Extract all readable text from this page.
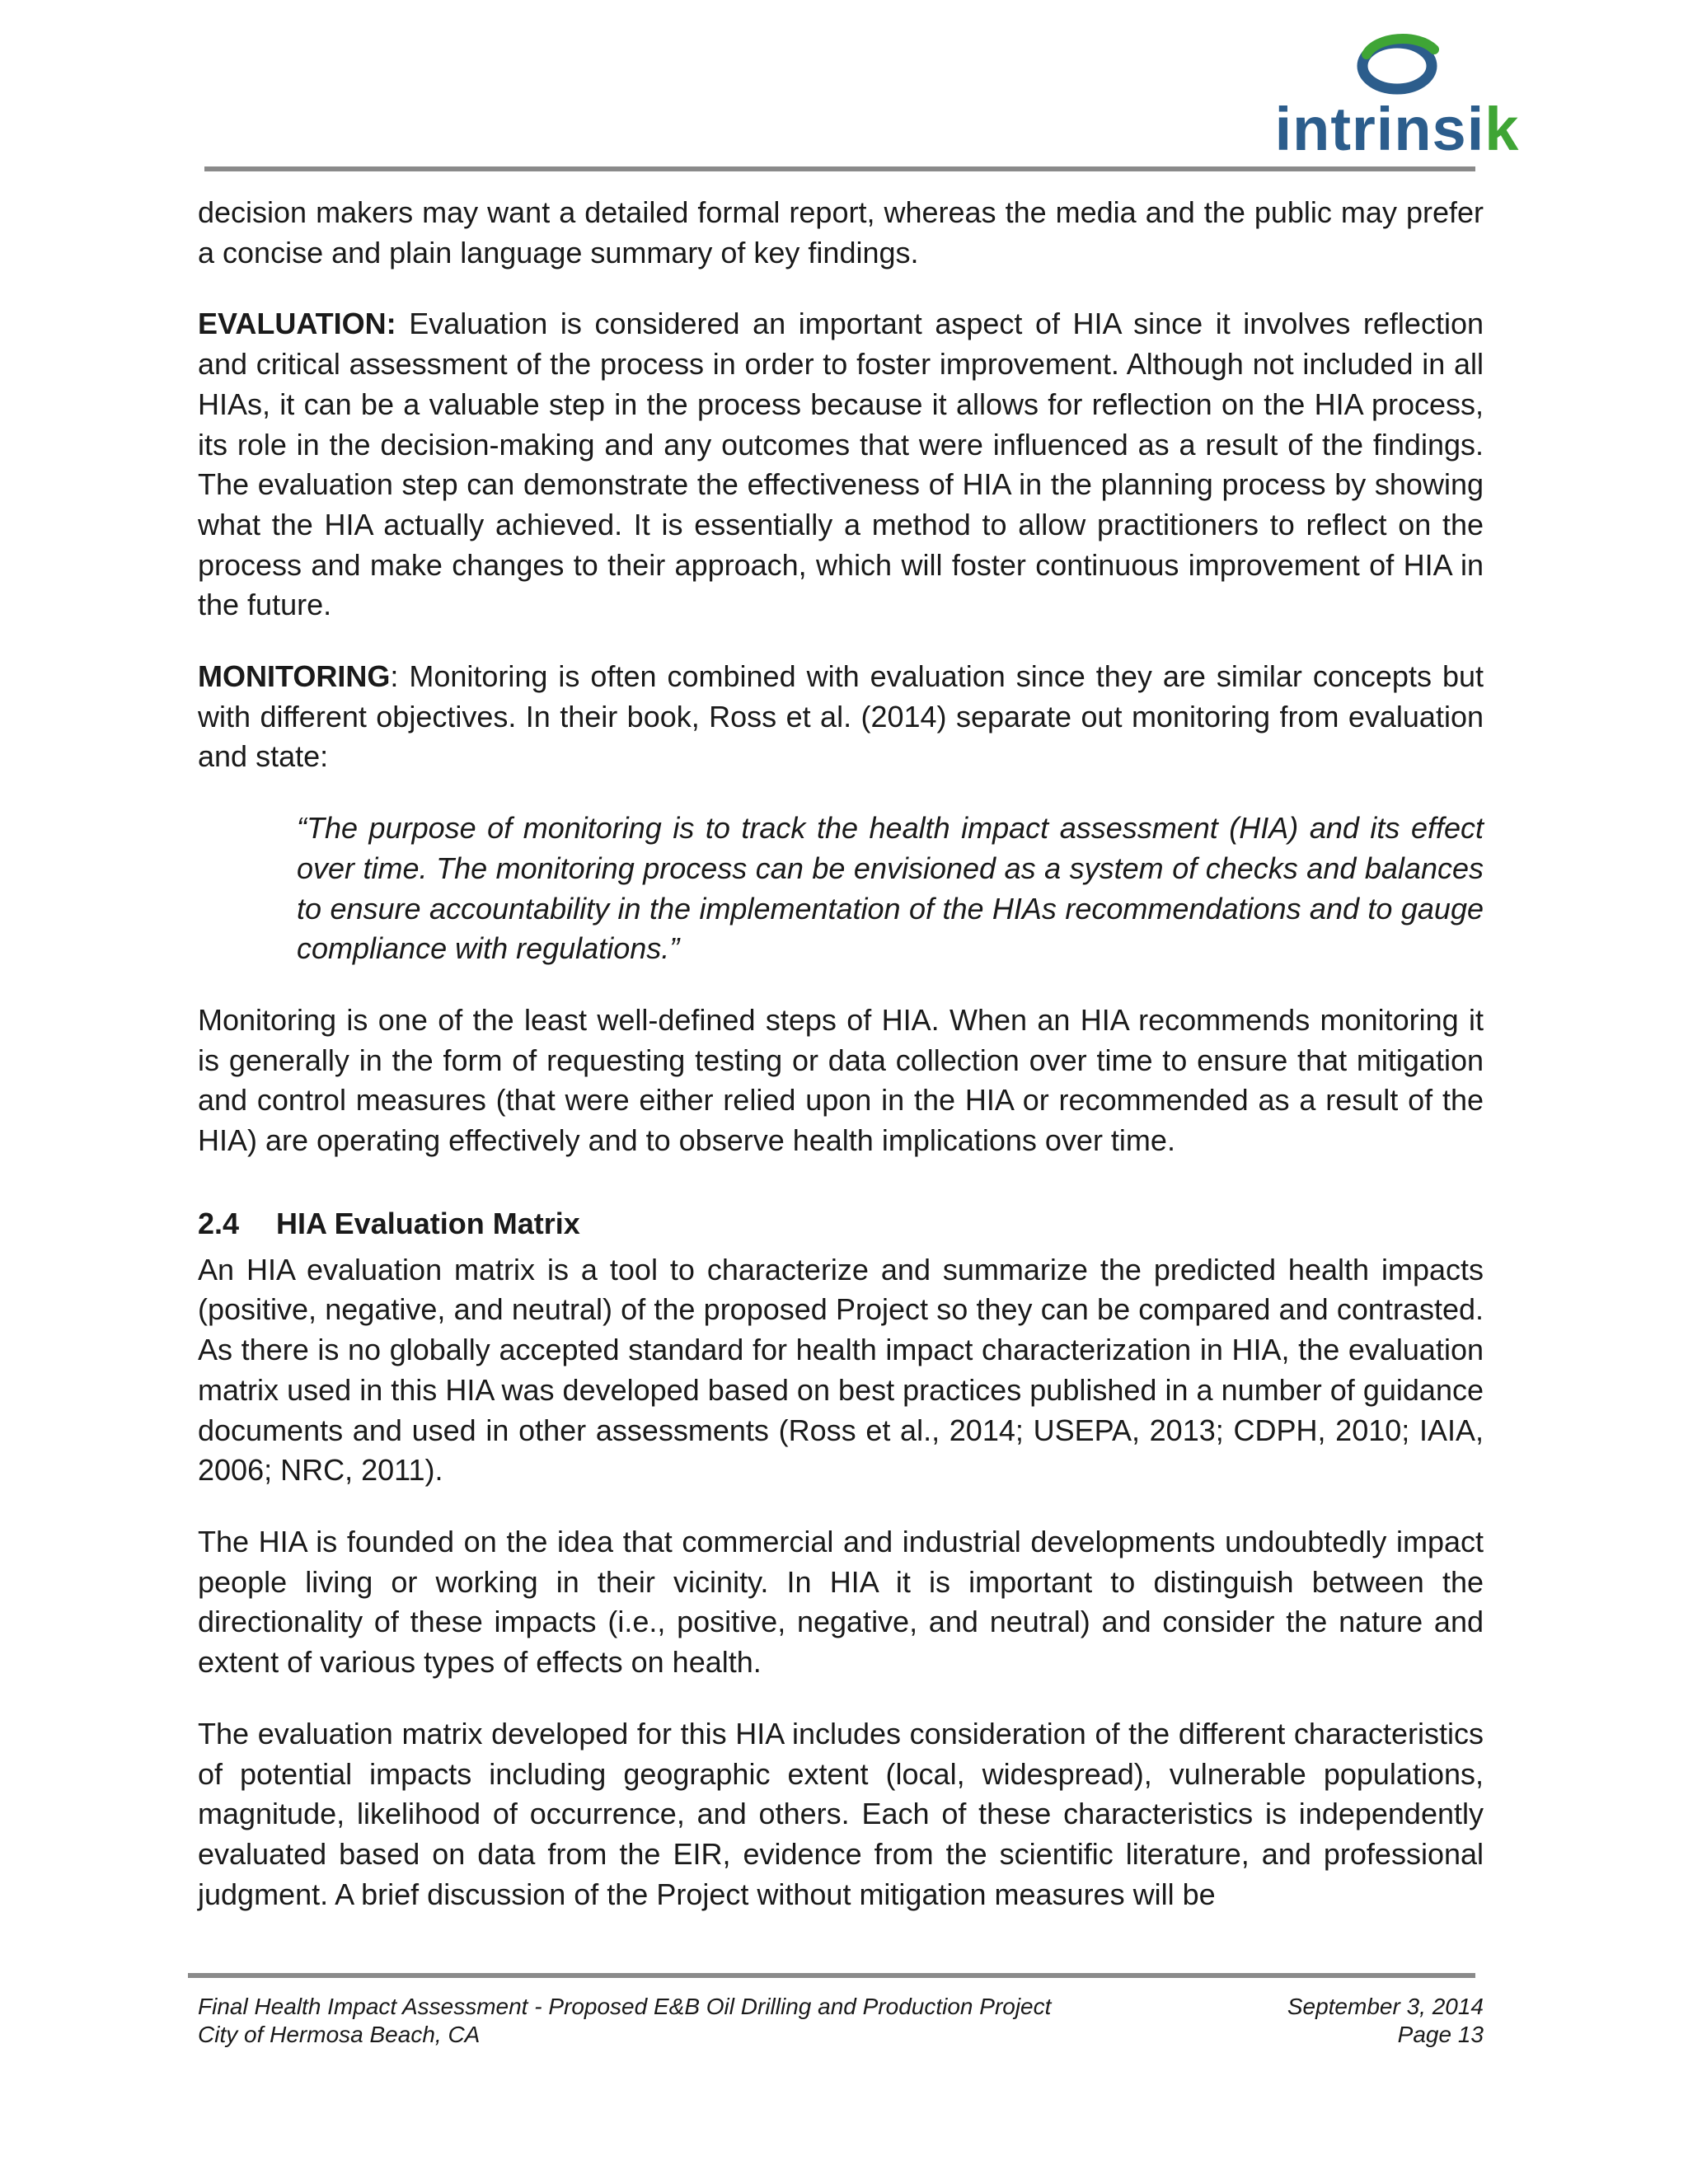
intrinsik

decision makers may want a detailed formal report, whereas the media and the public may prefer a concise and plain language summary of key findings.

EVALUATION: Evaluation is considered an important aspect of HIA since it involves reflection and critical assessment of the process in order to foster improvement. Although not included in all HIAs, it can be a valuable step in the process because it allows for reflection on the HIA process, its role in the decision-making and any outcomes that were influenced as a result of the findings. The evaluation step can demonstrate the effectiveness of HIA in the planning process by showing what the HIA actually achieved. It is essentially a method to allow practitioners to reflect on the process and make changes to their approach, which will foster continuous improvement of HIA in the future.

MONITORING: Monitoring is often combined with evaluation since they are similar concepts but with different objectives. In their book, Ross et al. (2014) separate out monitoring from evaluation and state:

“The purpose of monitoring is to track the health impact assessment (HIA) and its effect over time. The monitoring process can be envisioned as a system of checks and balances to ensure accountability in the implementation of the HIAs recommendations and to gauge compliance with regulations.”

Monitoring is one of the least well-defined steps of HIA. When an HIA recommends monitoring it is generally in the form of requesting testing or data collection over time to ensure that mitigation and control measures (that were either relied upon in the HIA or recommended as a result of the HIA) are operating effectively and to observe health implications over time.

2.4 HIA Evaluation Matrix

An HIA evaluation matrix is a tool to characterize and summarize the predicted health impacts (positive, negative, and neutral) of the proposed Project so they can be compared and contrasted. As there is no globally accepted standard for health impact characterization in HIA, the evaluation matrix used in this HIA was developed based on best practices published in a number of guidance documents and used in other assessments (Ross et al., 2014; USEPA, 2013; CDPH, 2010; IAIA, 2006; NRC, 2011).

The HIA is founded on the idea that commercial and industrial developments undoubtedly impact people living or working in their vicinity. In HIA it is important to distinguish between the directionality of these impacts (i.e., positive, negative, and neutral) and consider the nature and extent of various types of effects on health.

The evaluation matrix developed for this HIA includes consideration of the different characteristics of potential impacts including geographic extent (local, widespread), vulnerable populations, magnitude, likelihood of occurrence, and others. Each of these characteristics is independently evaluated based on data from the EIR, evidence from the scientific literature, and professional judgment. A brief discussion of the Project without mitigation measures will be

Final Health Impact Assessment - Proposed E&B Oil Drilling and Production Project	September 3, 2014
City of Hermosa Beach, CA	Page 13
